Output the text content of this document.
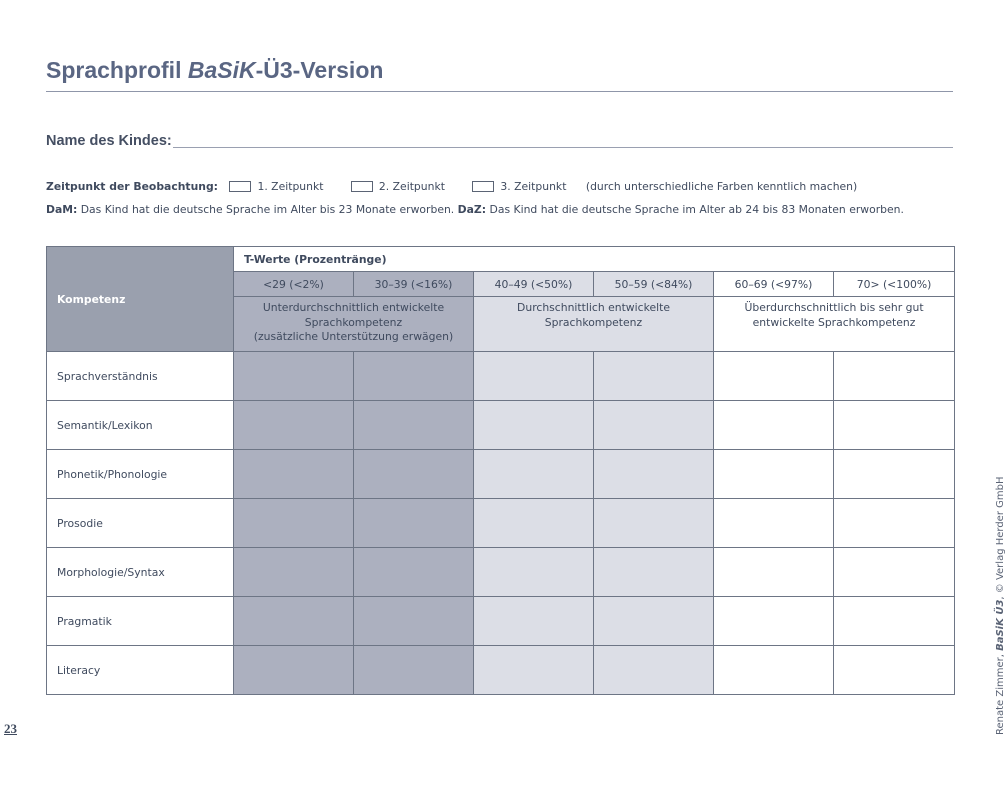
Sprachprofil BaSiK-Ü3-Version
Name des Kindes:
Zeitpunkt der Beobachtung:	1. Zeitpunkt	2. Zeitpunkt	3. Zeitpunkt (durch unterschiedliche Farben kenntlich machen)
DaM: Das Kind hat die deutsche Sprache im Alter bis 23 Monate erworben. DaZ: Das Kind hat die deutsche Sprache im Alter ab 24 bis 83 Monaten erworben.
Kompetenz	T-Werte (Prozentränge)					
	<29 (<2%)	30–39 (<16%)	40–49 (<50%)	50–59 (<84%)	60–69 (<97%)	70> (<100%)
	Unterdurchschnittlich entwickelte
Sprachkompetenz
(zusätzliche Unterstützung erwägen)		Durchschnittlich entwickelte
Sprachkompetenz		Überdurchschnittlich bis sehr gut
entwickelte Sprachkompetenz	
Sprachverständnis						
Semantik/Lexikon						
Phonetik/Phonologie						
Prosodie						
Morphologie/Syntax						
Pragmatik						
Literacy							Renate Zimmer, BaSiK Ü3, © Verlag Herder GmbH
23
